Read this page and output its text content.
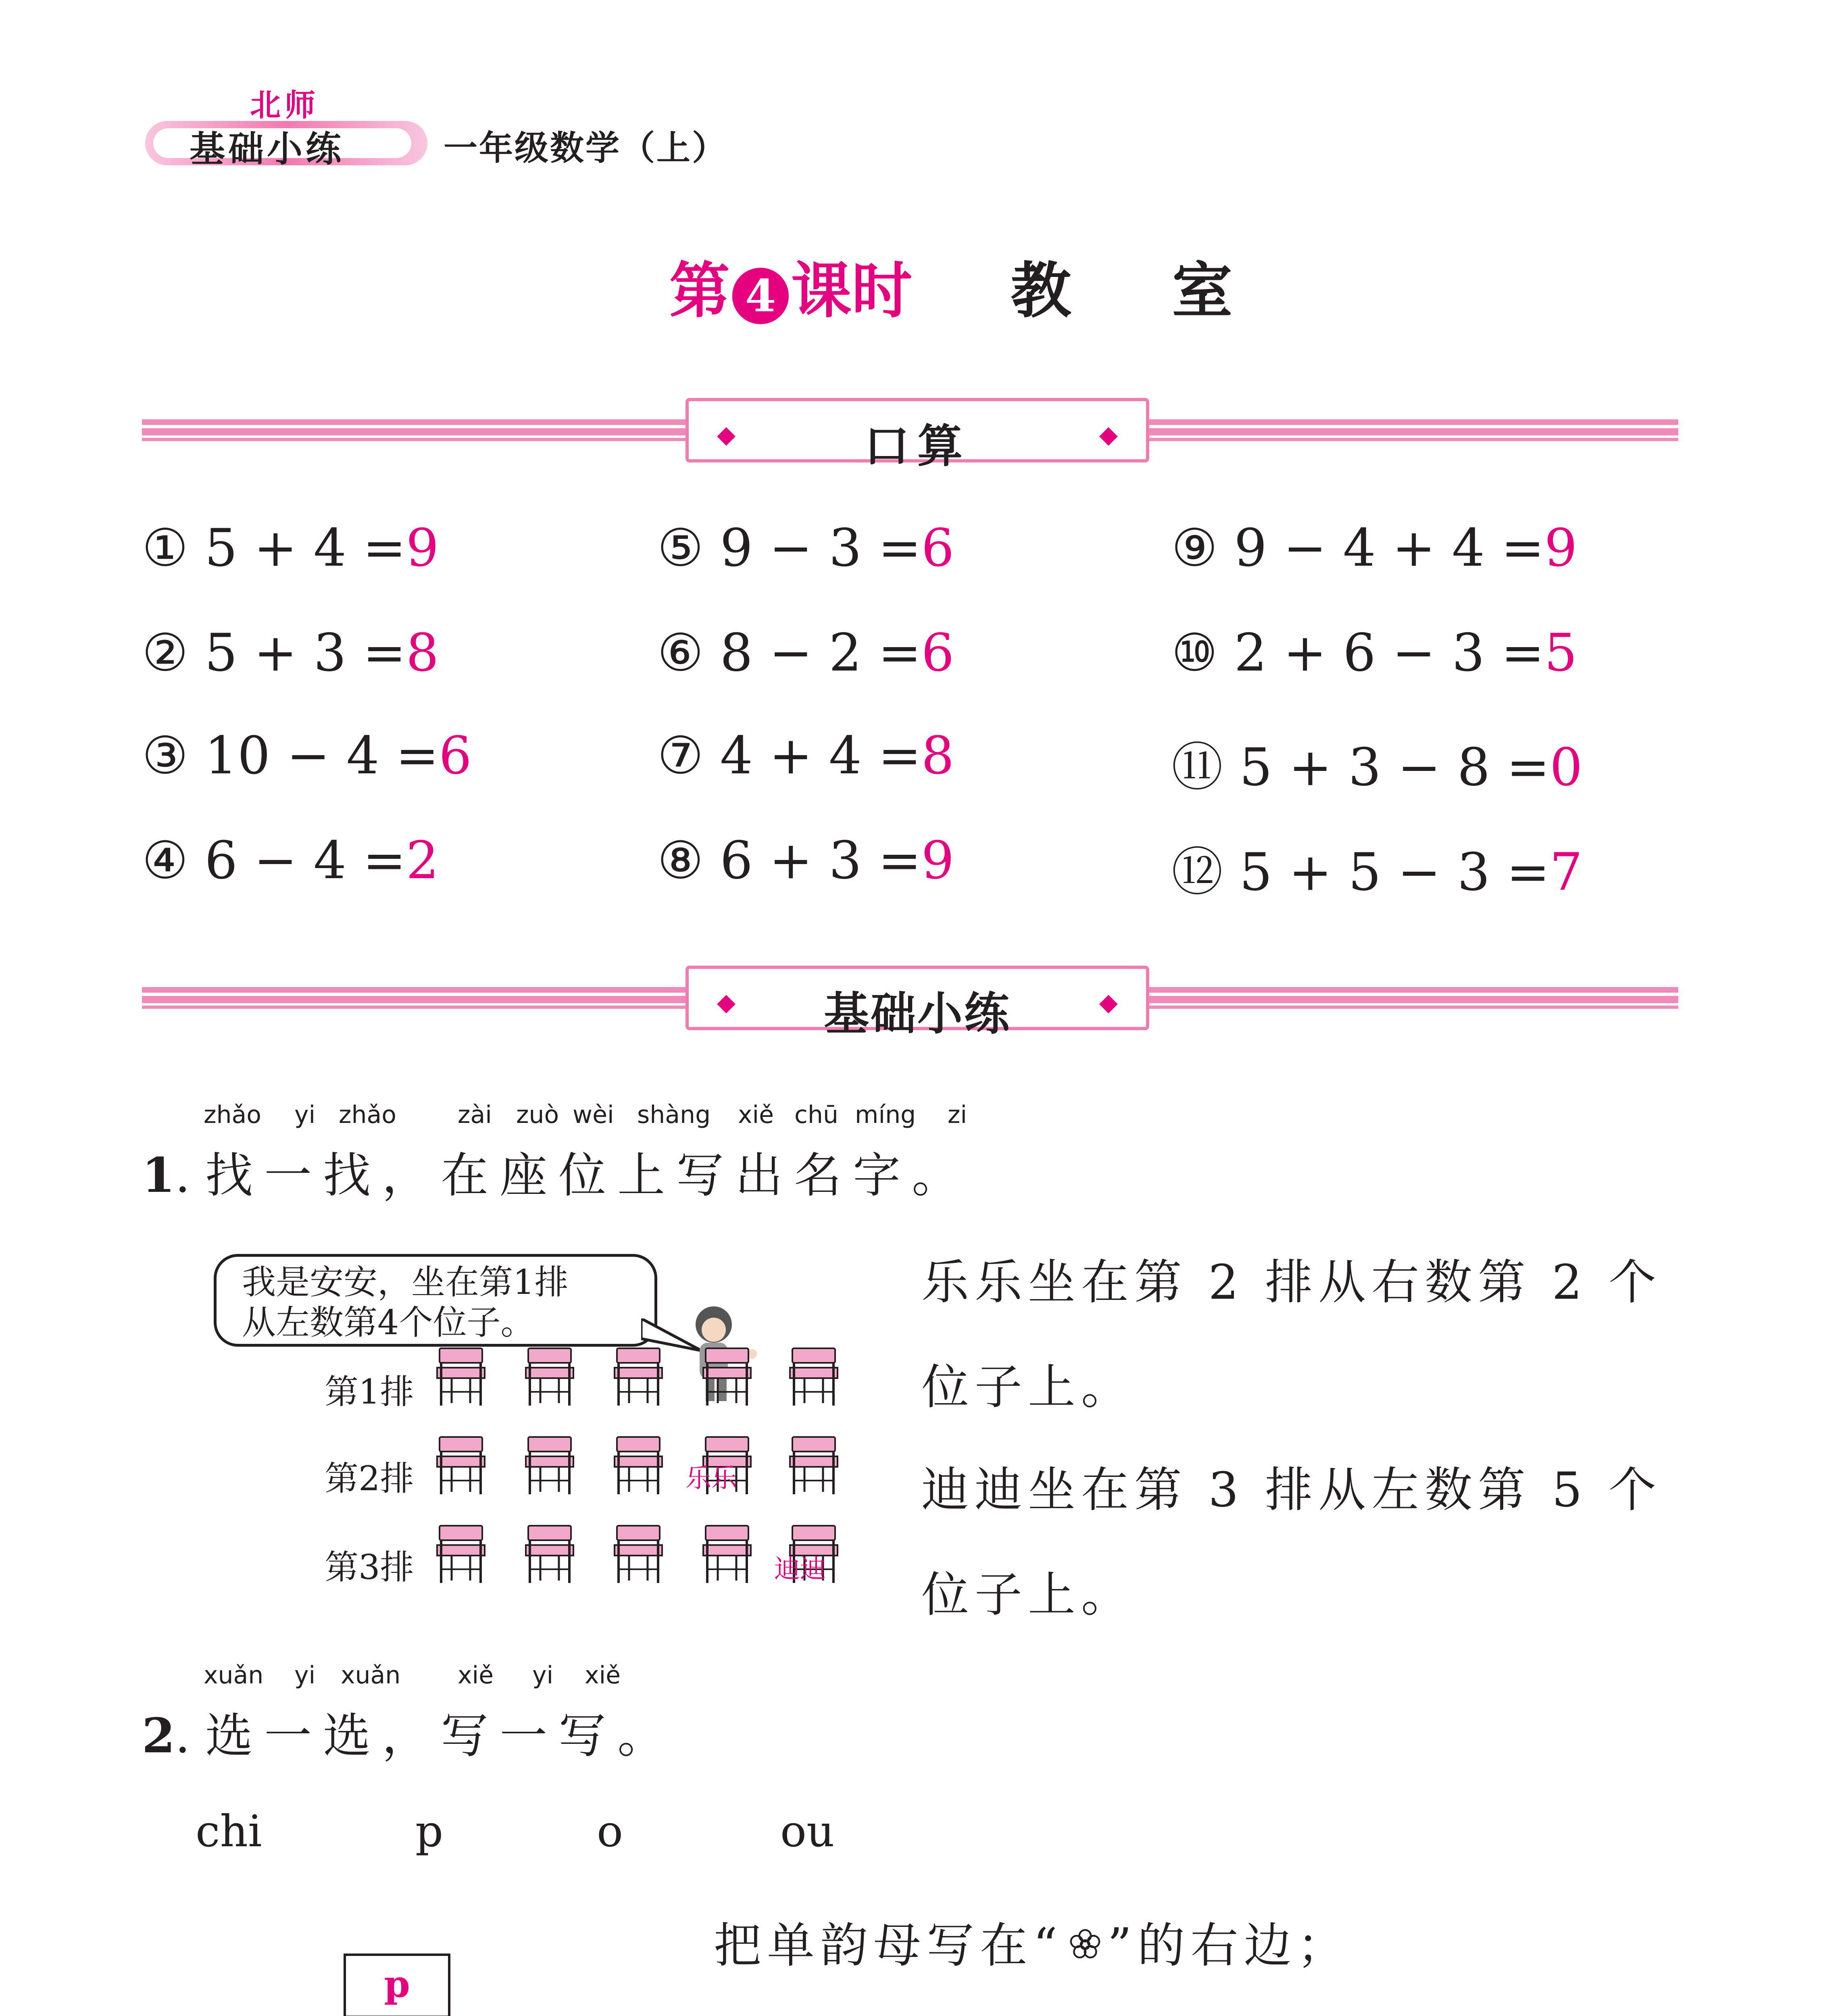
北师
基础小练	一年级数学（上）
第 4 课时 教　室
◆	口算	◆
① 5 + 4 =9
② 5 + 3 =8
③ 10 − 4 =6
④ 6 − 4 =2
⑤ 9 − 3 =6
⑥ 8 − 2 =6
⑦ 4 + 4 =8
⑧ 6 + 3 =9
⑨ 9 − 4 + 4 =9
⑩ 2 + 6 − 3 =5
⑪ 5 + 3 − 8 =0
⑫ 5 + 5 − 3 =7
◆	基础小练	◆
zhǎo yi zhǎo	zài zuò wèi shàng xiě chū míng zi
1. 找一找，在座位上写出名字。
我是安安，坐在第1排
从左数第4个位子。
第1排
第2排
第3排
乐乐
迪迪
乐乐坐在第 2 排从右数第 2 个
位子上。
迪迪坐在第 3 排从左数第 5 个
位子上。
xuǎn yi xuǎn xiě yi xiě
2. 选一选，写一写。
chi	p	o	ou
p
把单韵母写在“ ”的右边；
